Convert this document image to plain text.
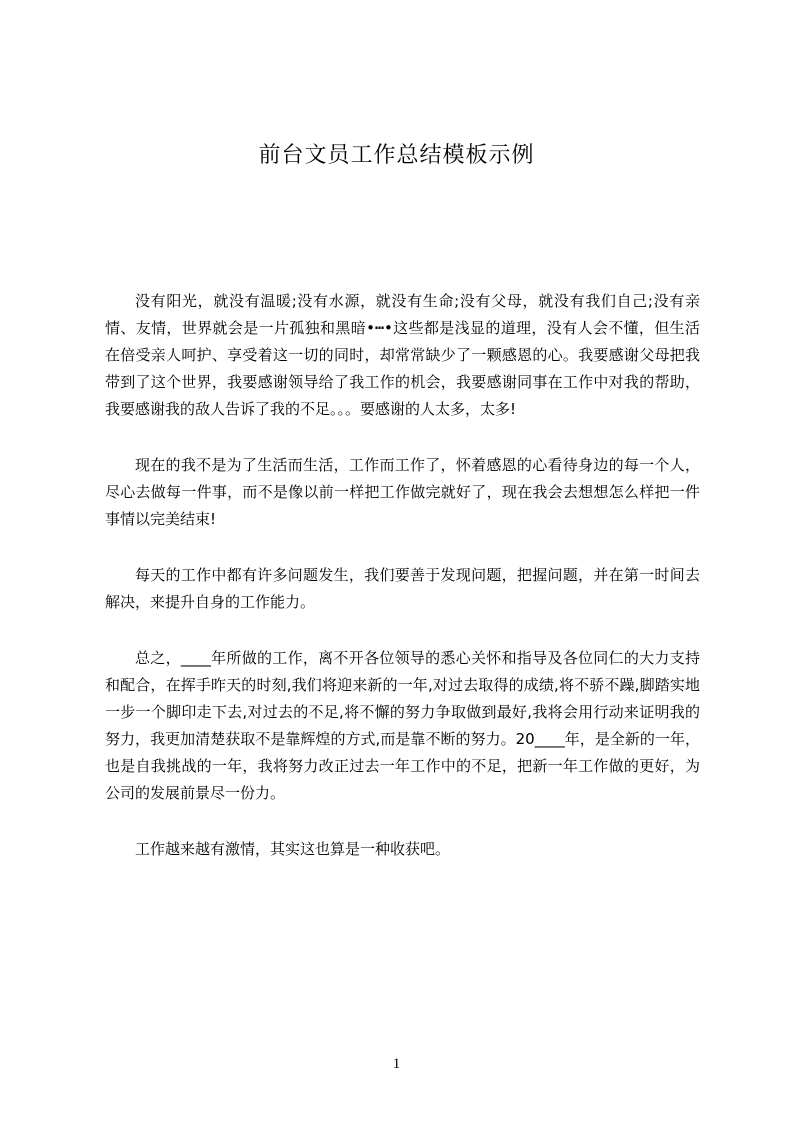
前台文员工作总结模板示例

没有阳光，就没有温暖;没有水源，就没有生命;没有父母，就没有我们自己;没有亲情、友情，世界就会是一片孤独和黑暗•┅•这些都是浅显的道理，没有人会不懂，但生活在倍受亲人呵护、享受着这一切的同时，却常常缺少了一颗感恩的心。我要感谢父母把我带到了这个世界，我要感谢领导给了我工作的机会，我要感谢同事在工作中对我的帮助，我要感谢我的敌人告诉了我的不足。。。要感谢的人太多，太多!

现在的我不是为了生活而生活，工作而工作了，怀着感恩的心看待身边的每一个人，尽心去做每一件事，而不是像以前一样把工作做完就好了，现在我会去想想怎么样把一件事情以完美结束!

每天的工作中都有许多问题发生，我们要善于发现问题，把握问题，并在第一时间去解决，来提升自身的工作能力。

总之，____年所做的工作，离不开各位领导的悉心关怀和指导及各位同仁的大力支持和配合，在挥手昨天的时刻,我们将迎来新的一年,对过去取得的成绩,将不骄不躁,脚踏实地一步一个脚印走下去,对过去的不足,将不懈的努力争取做到最好,我将会用行动来证明我的努力，我更加清楚获取不是靠辉煌的方式,而是靠不断的努力。20____年，是全新的一年，也是自我挑战的一年，我将努力改正过去一年工作中的不足，把新一年工作做的更好，为公司的发展前景尽一份力。

工作越来越有激情，其实这也算是一种收获吧。

1
